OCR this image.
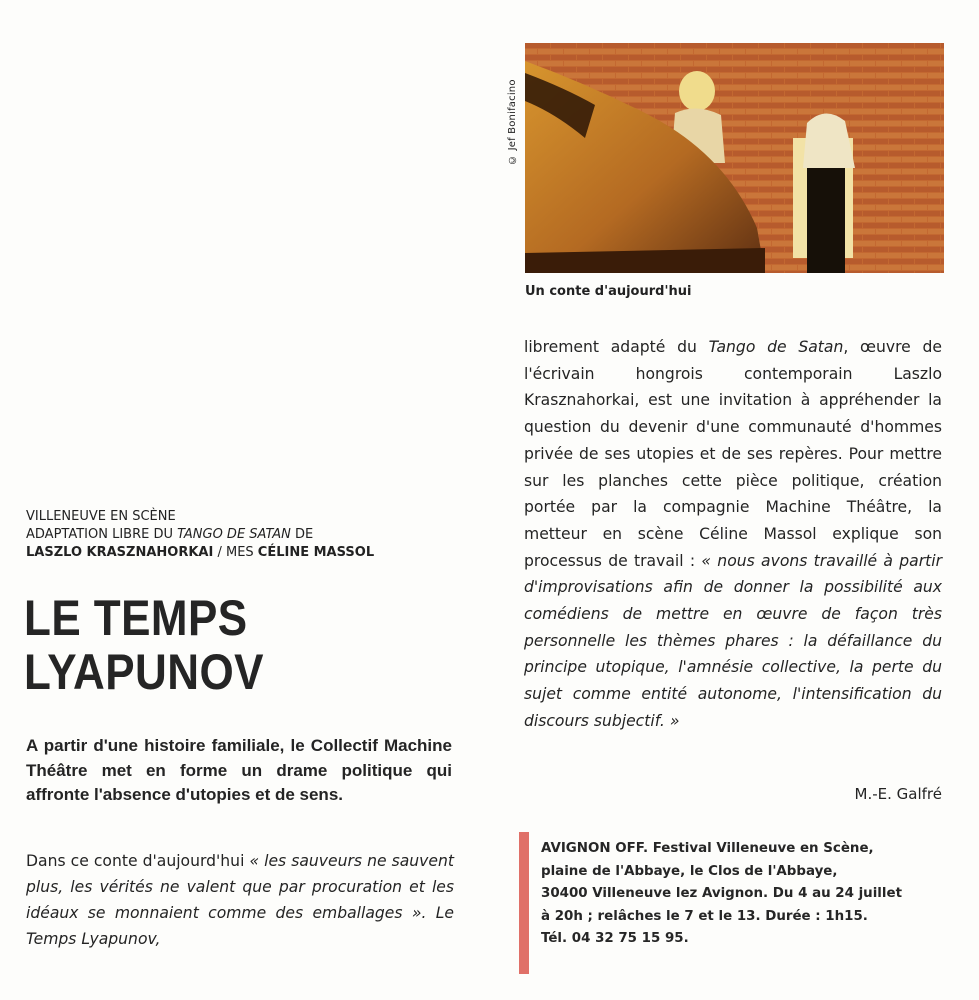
© Jef Bonifacino
Un conte d'aujourd'hui
VILLENEUVE EN SCÈNE
ADAPTATION LIBRE DU TANGO DE SATAN DE
LASZLO KRASZNAHORKAI / MES CÉLINE MASSOL
LE TEMPS
LYAPUNOV
A partir d'une histoire familiale, le Collectif Machine Théâtre met en forme un drame politique qui affronte l'absence d'utopies et de sens.
Dans ce conte d'aujourd'hui « les sauveurs ne sauvent plus, les vérités ne valent que par procuration et les idéaux se monnaient comme des emballages ». Le Temps Lyapunov,
librement adapté du Tango de Satan, œuvre de l'écrivain hongrois contemporain Laszlo Krasznahorkai, est une invitation à appréhender la question du devenir d'une communauté d'hommes privée de ses utopies et de ses repères. Pour mettre sur les planches cette pièce politique, création portée par la compagnie Machine Théâtre, la metteur en scène Céline Massol explique son processus de travail : « nous avons travaillé à partir d'improvisations afin de donner la possibilité aux comédiens de mettre en œuvre de façon très personnelle les thèmes phares : la défaillance du principe utopique, l'amnésie collective, la perte du sujet comme entité autonome, l'intensification du discours subjectif. »
M.-E. Galfré
AVIGNON OFF. Festival Villeneuve en Scène,
plaine de l'Abbaye, le Clos de l'Abbaye,
30400 Villeneuve lez Avignon. Du 4 au 24 juillet
à 20h ; relâches le 7 et le 13. Durée : 1h15.
Tél. 04 32 75 15 95.
